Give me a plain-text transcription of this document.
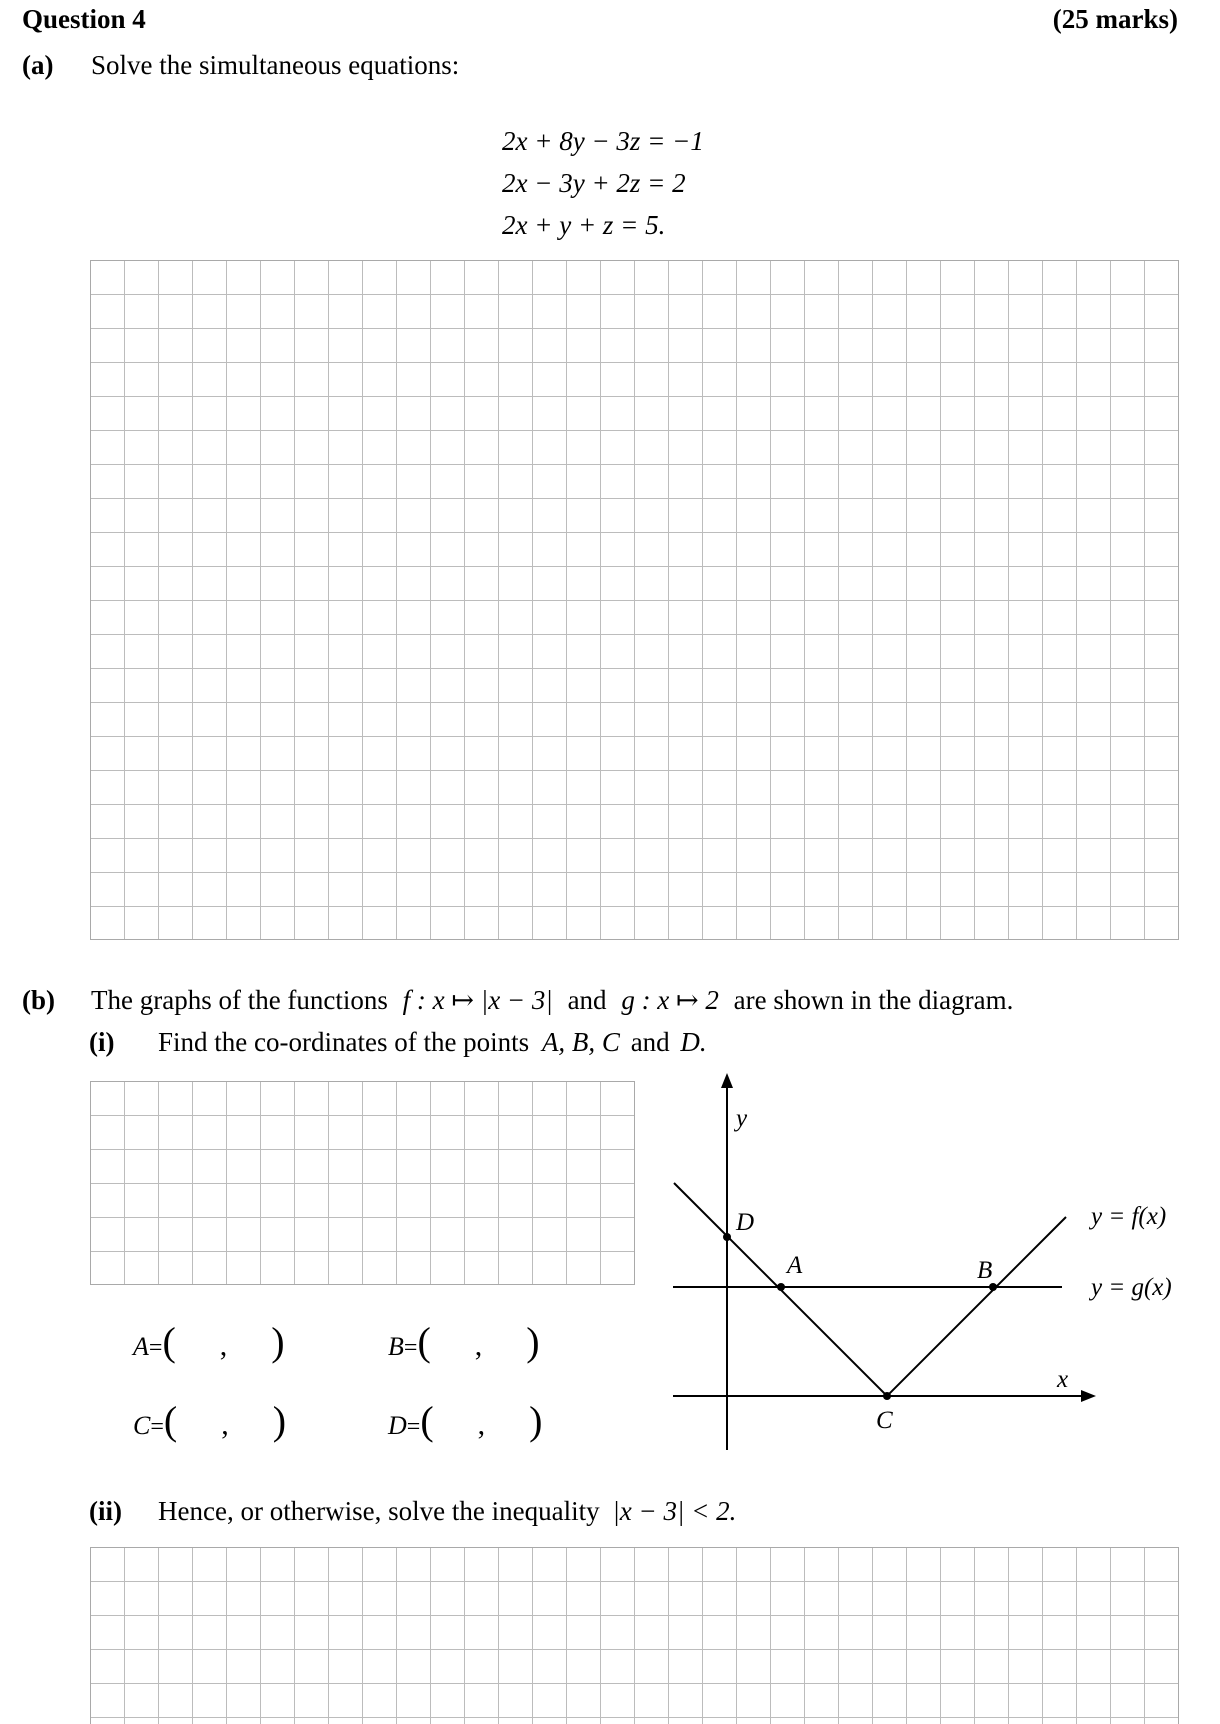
Question 4	(25 marks)
(a) Solve the simultaneous equations:
2x + 8y − 3z = −1
2x − 3y + 2z = 2
2x + y + z = 5.
(b) The graphs of the functions f : x ↦ |x − 3| and g : x ↦ 2 are shown in the diagram.
(i) Find the co-ordinates of the points A, B, C and D.
A=( , )	B=( , )
C=( , )	D=( , )
y
x
D
A	B
C
y = f(x)
y = g(x)
(ii) Hence, or otherwise, solve the inequality |x − 3| < 2.
